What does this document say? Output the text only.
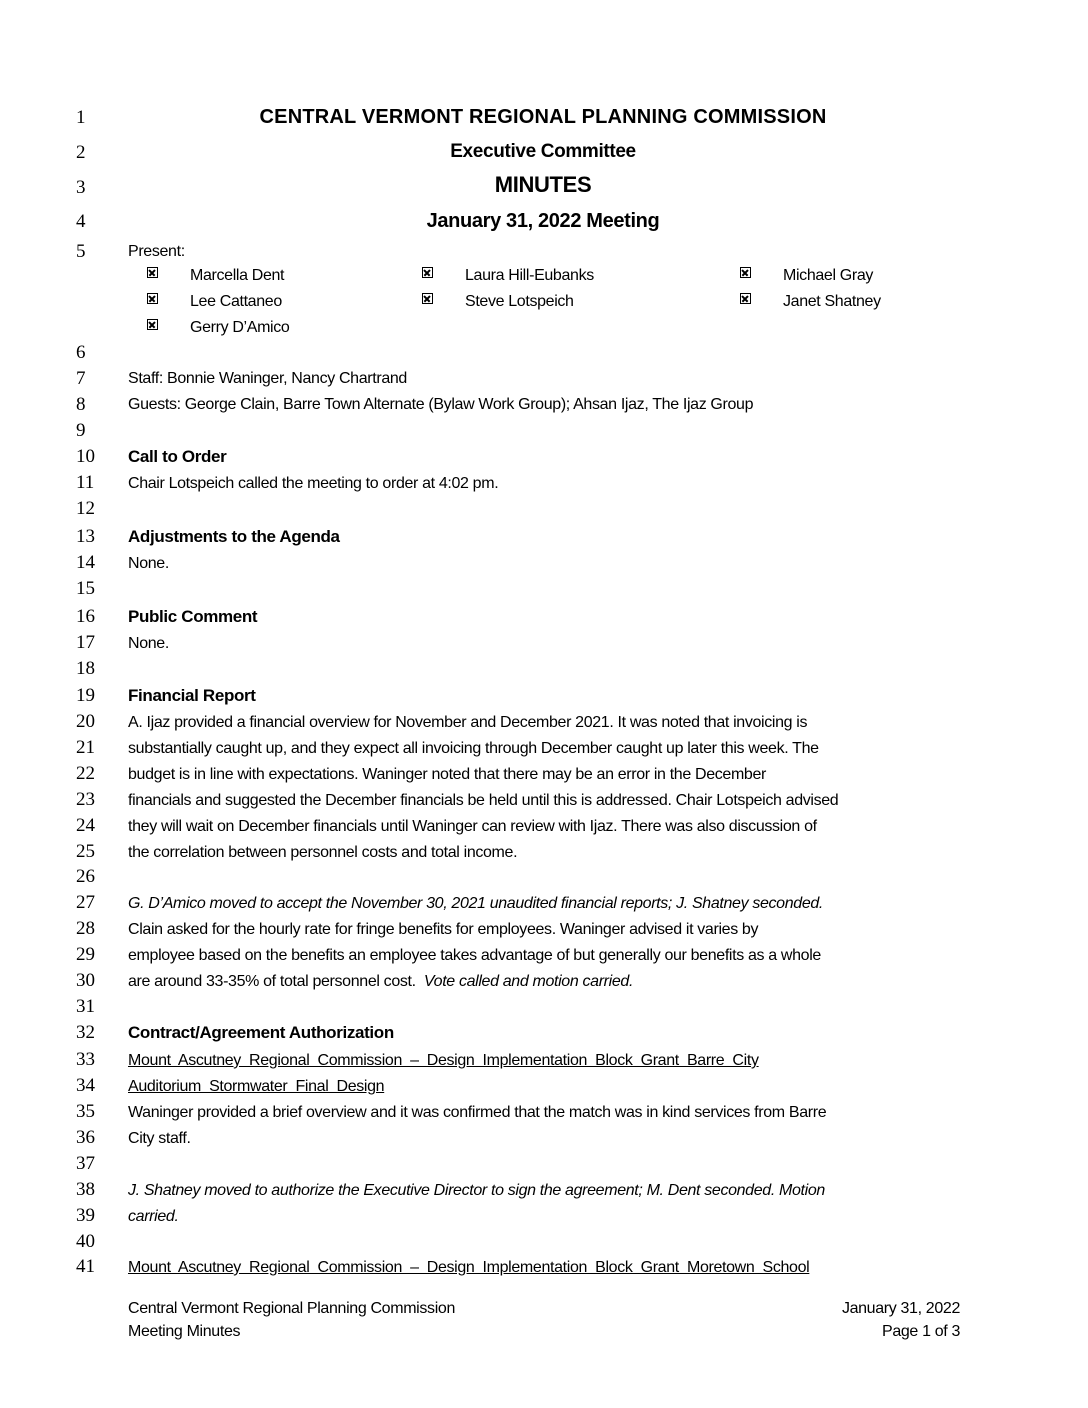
1
2
3
4
5
6
7
8
9
10
11
12
13
14
15
16
17
18
19
20
21
22
23
24
25
26
27
28
29
30
31
32
33
34
35
36
37
38
39
40
41
CENTRAL VERMONT REGIONAL PLANNING COMMISSION
Executive Committee
MINUTES
January 31, 2022 Meeting
Present:
Marcella Dent	Laura Hill-Eubanks	Michael Gray
Lee Cattaneo	Steve Lotspeich	Janet Shatney
Gerry D’Amico
Staff: Bonnie Waninger, Nancy Chartrand
Guests: George Clain, Barre Town Alternate (Bylaw Work Group); Ahsan Ijaz, The Ijaz Group
Call to Order
Chair Lotspeich called the meeting to order at 4:02 pm.
Adjustments to the Agenda
None.
Public Comment
None.
Financial Report
A. Ijaz provided a financial overview for November and December 2021. It was noted that invoicing is
substantially caught up, and they expect all invoicing through December caught up later this week. The
budget is in line with expectations. Waninger noted that there may be an error in the December
financials and suggested the December financials be held until this is addressed. Chair Lotspeich advised
they will wait on December financials until Waninger can review with Ijaz. There was also discussion of
the correlation between personnel costs and total income.
G. D’Amico moved to accept the November 30, 2021 unaudited financial reports; J. Shatney seconded.
Clain asked for the hourly rate for fringe benefits for employees. Waninger advised it varies by
employee based on the benefits an employee takes advantage of but generally our benefits as a whole
are around 33-35% of total personnel cost. Vote called and motion carried.
Contract/Agreement Authorization
Mount Ascutney Regional Commission – Design Implementation Block Grant Barre City
Auditorium Stormwater Final Design
Waninger provided a brief overview and it was confirmed that the match was in kind services from Barre
City staff.
J. Shatney moved to authorize the Executive Director to sign the agreement; M. Dent seconded. Motion
carried.
Mount Ascutney Regional Commission – Design Implementation Block Grant Moretown School
Central Vermont Regional Planning Commission
Meeting Minutes
January 31, 2022
Page 1 of 3
